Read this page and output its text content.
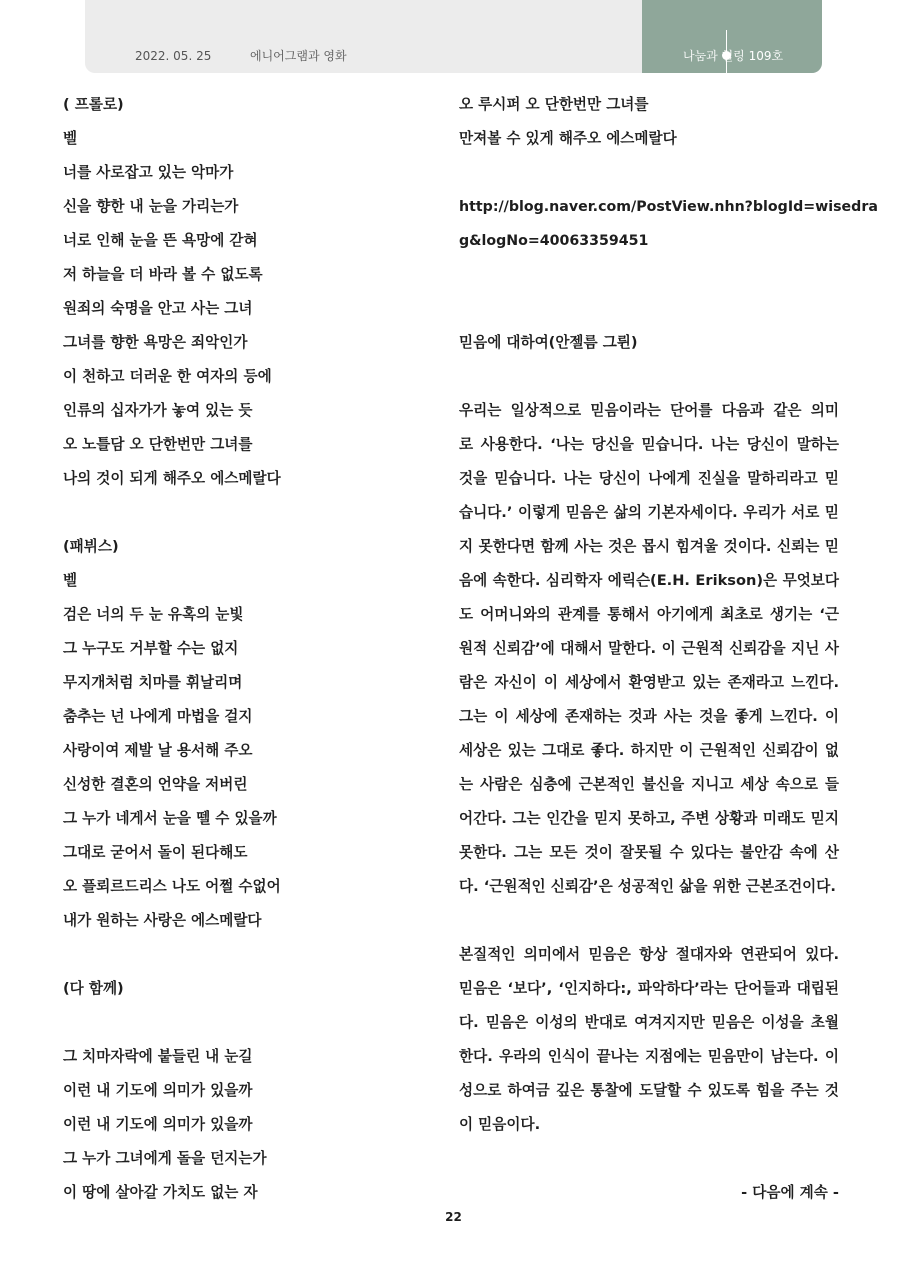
2022. 05. 25	에니어그램과 영화	나눔과 힐링 109호
( 프롤로)
벨
너를 사로잡고 있는 악마가
신을 향한 내 눈을 가리는가
너로 인해 눈을 뜬 욕망에 갇혀
저 하늘을 더 바라 볼 수 없도록
원죄의 숙명을 안고 사는 그녀
그녀를 향한 욕망은 죄악인가
이 천하고 더러운 한 여자의 등에
인류의 십자가가 놓여 있는 듯
오 노틀담 오 단한번만 그녀를
나의 것이 되게 해주오 에스메랄다
(패뷔스)
벨
검은 너의 두 눈 유혹의 눈빛
그 누구도 거부할 수는 없지
무지개처럼 치마를 휘날리며
춤추는 넌 나에게 마법을 걸지
사랑이여 제발 날 용서해 주오
신성한 결혼의 언약을 저버린
그 누가 네게서 눈을 뗄 수 있을까
그대로 굳어서 돌이 된다해도
오 플뢰르드리스 나도 어쩔 수없어
내가 원하는 사랑은 에스메랄다
(다 함께)
그 치마자락에 붙들린 내 눈길
이런 내 기도에 의미가 있을까
이런 내 기도에 의미가 있을까
그 누가 그녀에게 돌을 던지는가
이 땅에 살아갈 가치도 없는 자
오 루시퍼 오 단한번만 그녀를
만져볼 수 있게 해주오 에스메랄다
http://blog.naver.com/PostView.nhn?blogId=wisedra
g&logNo=40063359451
믿음에 대하여(안젤름 그륀)
우리는 일상적으로 믿음이라는 단어를 다음과 같은 의미
로 사용한다. ‘나는 당신을 믿습니다. 나는 당신이 말하는
것을 믿습니다. 나는 당신이 나에게 진실을 말하리라고 믿
습니다.’ 이렇게 믿음은 삶의 기본자세이다. 우리가 서로 믿
지 못한다면 함께 사는 것은 몹시 힘겨울 것이다. 신뢰는 믿
음에 속한다. 심리학자 에릭슨(E.H. Erikson)은 무엇보다
도 어머니와의 관계를 통해서 아기에게 최초로 생기는 ‘근
원적 신뢰감’에 대해서 말한다. 이 근원적 신뢰감을 지닌 사
람은 자신이 이 세상에서 환영받고 있는 존재라고 느낀다.
그는 이 세상에 존재하는 것과 사는 것을 좋게 느낀다. 이
세상은 있는 그대로 좋다. 하지만 이 근원적인 신뢰감이 없
는 사람은 심층에 근본적인 불신을 지니고 세상 속으로 들
어간다. 그는 인간을 믿지 못하고, 주변 상황과 미래도 믿지
못한다. 그는 모든 것이 잘못될 수 있다는 불안감 속에 산
다. ‘근원적인 신뢰감’은 성공적인 삶을 위한 근본조건이다.
본질적인 의미에서 믿음은 항상 절대자와 연관되어 있다.
믿음은 ‘보다’, ‘인지하다:, 파악하다’라는 단어들과 대립된
다. 믿음은 이성의 반대로 여겨지지만 믿음은 이성을 초월
한다. 우라의 인식이 끝나는 지점에는 믿음만이 남는다. 이
성으로 하여금 깊은 통찰에 도달할 수 있도록 힘을 주는 것
이 믿음이다.
- 다음에 계속 -
22
